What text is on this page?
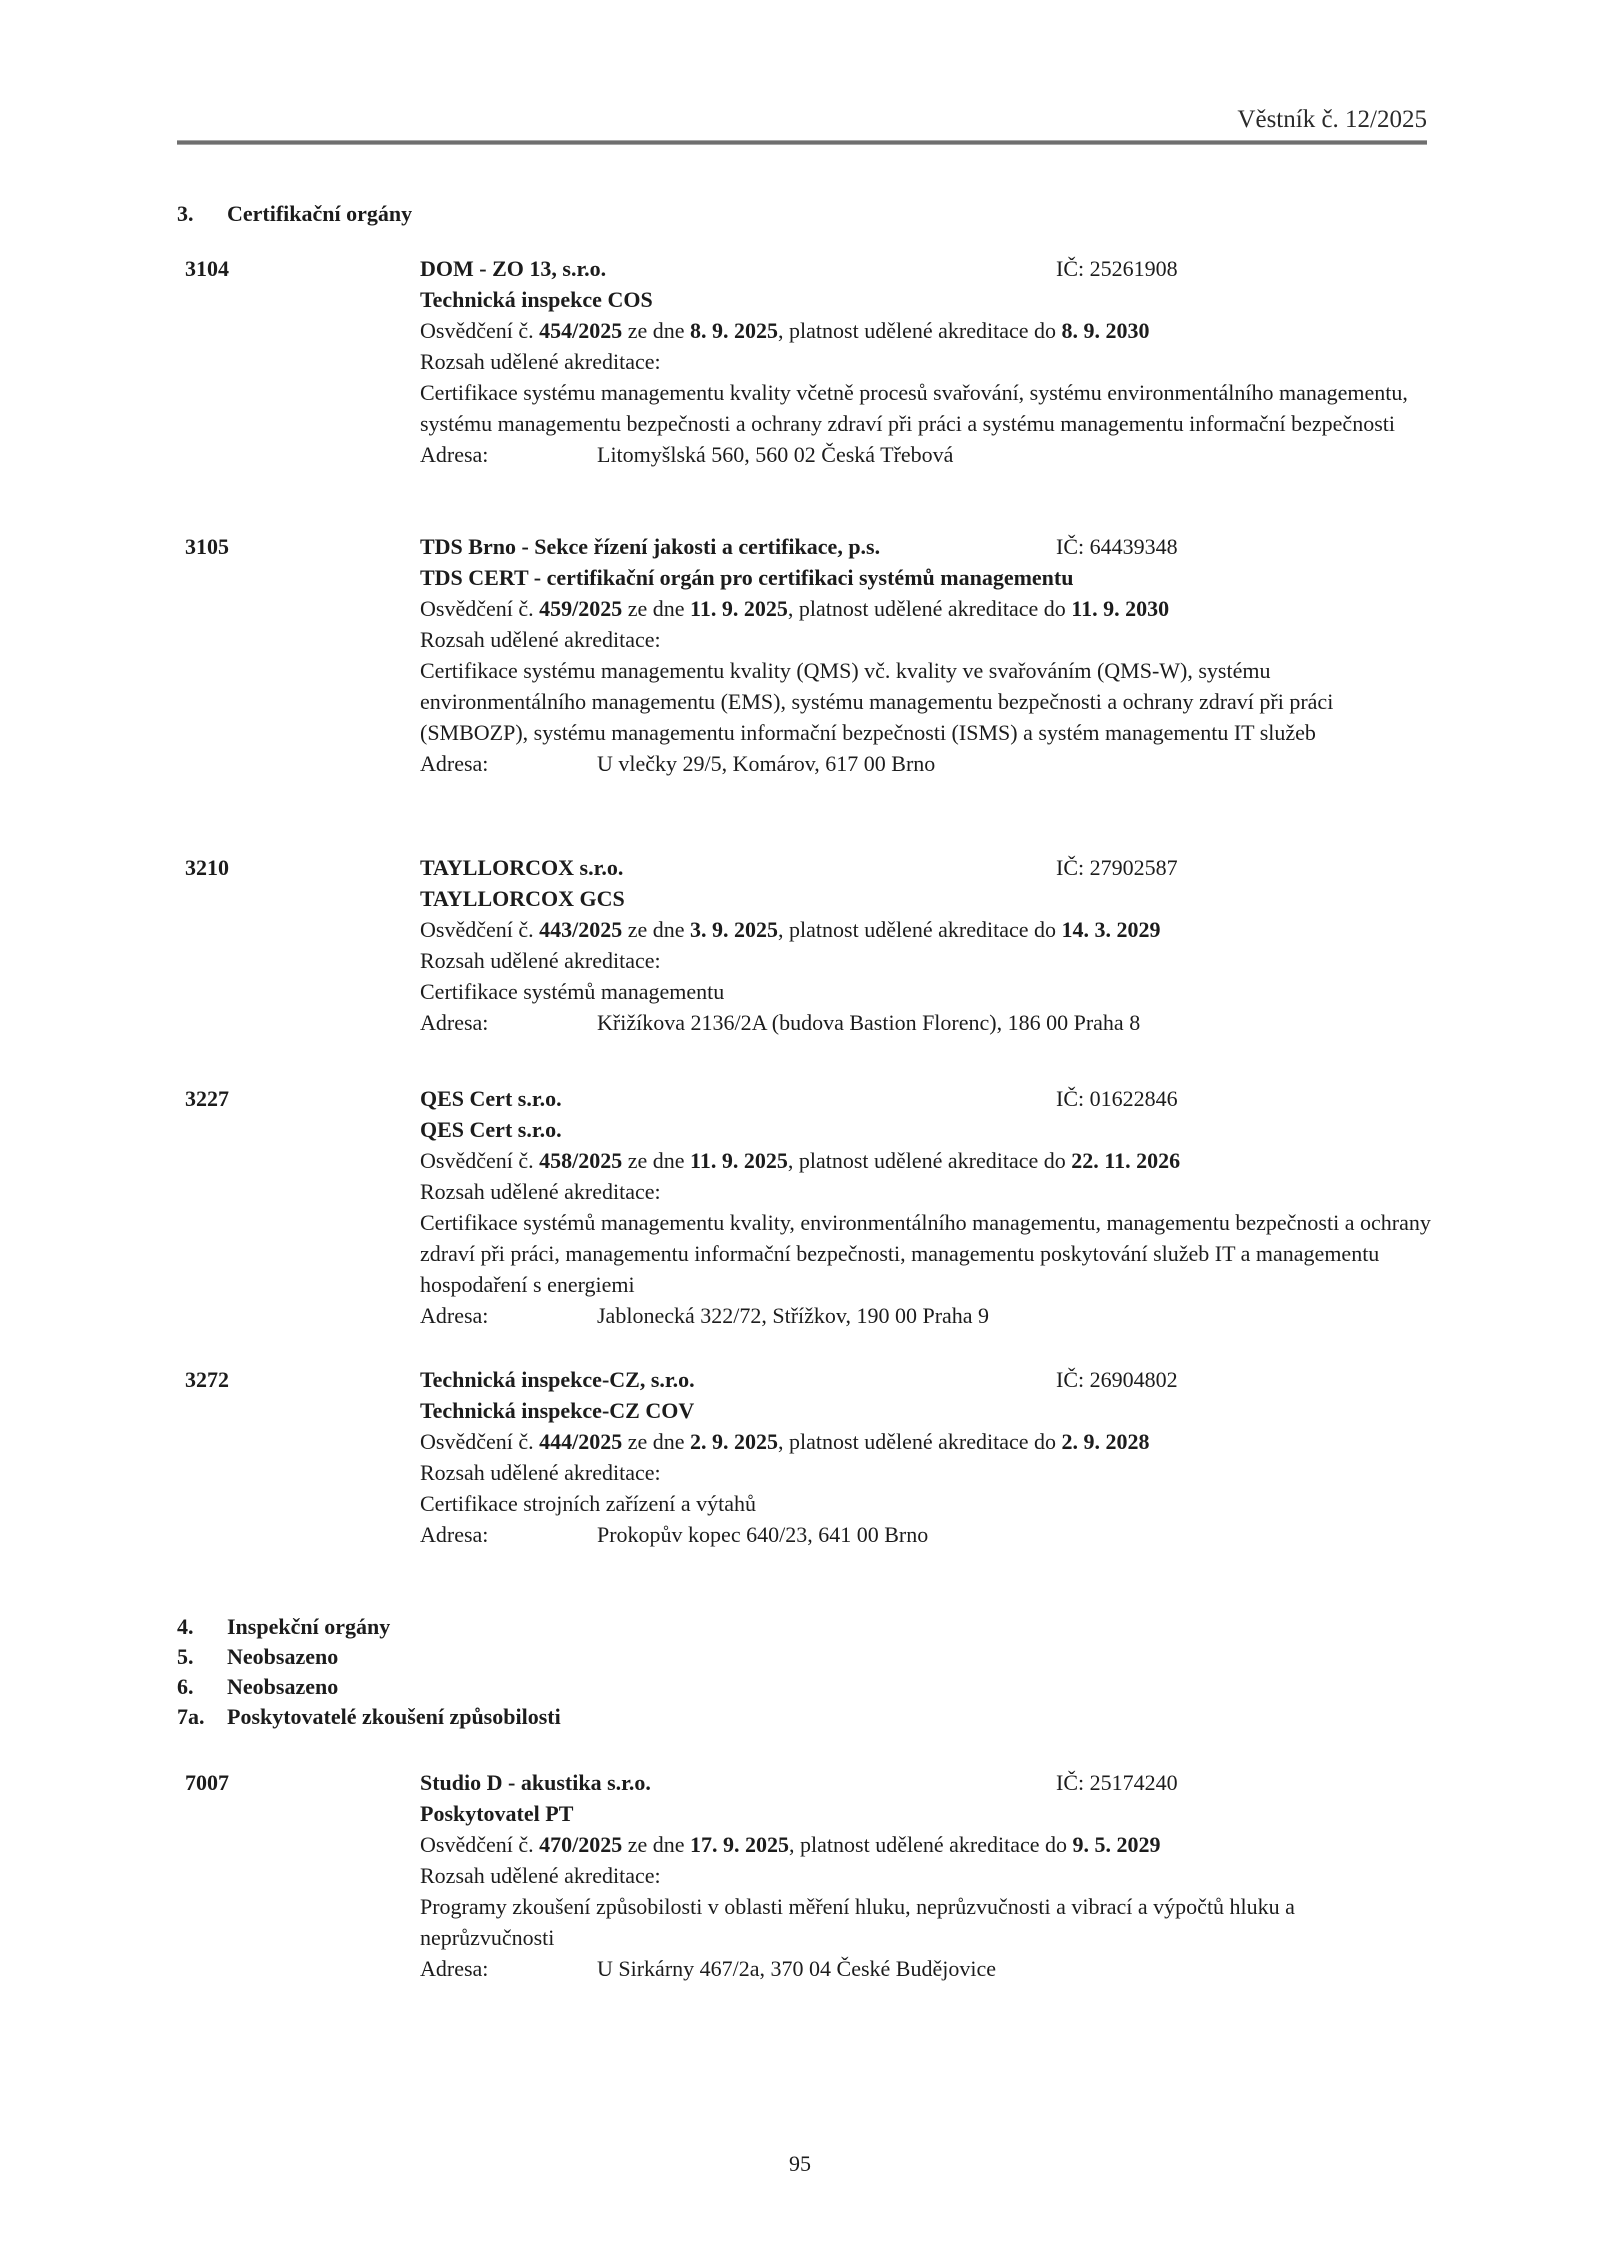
Věstník č. 12/2025
3. Certifikační orgány
4. Inspekční orgány
5. Neobsazeno
6. Neobsazeno
7a. Poskytovatelé zkoušení způsobilosti
95
3104	DOM - ZO 13, s.r.o.	IČ: 25261908
Technická inspekce COS
Osvědčení č. 454/2025 ze dne 8. 9. 2025, platnost udělené akreditace do 8. 9. 2030
Rozsah udělené akreditace:
Certifikace systému managementu kvality včetně procesů svařování, systému environmentálního managementu, systému managementu bezpečnosti a ochrany zdraví při práci a systému managementu informační bezpečnosti
Adresa:	Litomyšlská 560, 560 02 Česká Třebová
3105	TDS Brno - Sekce řízení jakosti a certifikace, p.s.	IČ: 64439348
TDS CERT - certifikační orgán pro certifikaci systémů managementu
Osvědčení č. 459/2025 ze dne 11. 9. 2025, platnost udělené akreditace do 11. 9. 2030
Rozsah udělené akreditace:
Certifikace systému managementu kvality (QMS) vč. kvality ve svařováním (QMS-W), systému environmentálního managementu (EMS), systému managementu bezpečnosti a ochrany zdraví při práci (SMBOZP), systému managementu informační bezpečnosti (ISMS) a systém managementu IT služeb
Adresa:	U vlečky 29/5, Komárov, 617 00 Brno
3210	TAYLLORCOX s.r.o.	IČ: 27902587
TAYLLORCOX GCS
Osvědčení č. 443/2025 ze dne 3. 9. 2025, platnost udělené akreditace do 14. 3. 2029
Rozsah udělené akreditace:
Certifikace systémů managementu
Adresa:	Křižíkova 2136/2A (budova Bastion Florenc), 186 00 Praha 8
3227	QES Cert s.r.o.	IČ: 01622846
QES Cert s.r.o.
Osvědčení č. 458/2025 ze dne 11. 9. 2025, platnost udělené akreditace do 22. 11. 2026
Rozsah udělené akreditace:
Certifikace systémů managementu kvality, environmentálního managementu, managementu bezpečnosti a ochrany zdraví při práci, managementu informační bezpečnosti, managementu poskytování služeb IT a managementu hospodaření s energiemi
Adresa:	Jablonecká 322/72, Střížkov, 190 00 Praha 9
3272	Technická inspekce-CZ, s.r.o.	IČ: 26904802
Technická inspekce-CZ COV
Osvědčení č. 444/2025 ze dne 2. 9. 2025, platnost udělené akreditace do 2. 9. 2028
Rozsah udělené akreditace:
Certifikace strojních zařízení a výtahů
Adresa:	Prokopův kopec 640/23, 641 00 Brno
7007	Studio D - akustika s.r.o.	IČ: 25174240
Poskytovatel PT
Osvědčení č. 470/2025 ze dne 17. 9. 2025, platnost udělené akreditace do 9. 5. 2029
Rozsah udělené akreditace:
Programy zkoušení způsobilosti v oblasti měření hluku, neprůzvučnosti a vibrací a výpočtů hluku a neprůzvučnosti
Adresa:	U Sirkárny 467/2a, 370 04 České Budějovice
